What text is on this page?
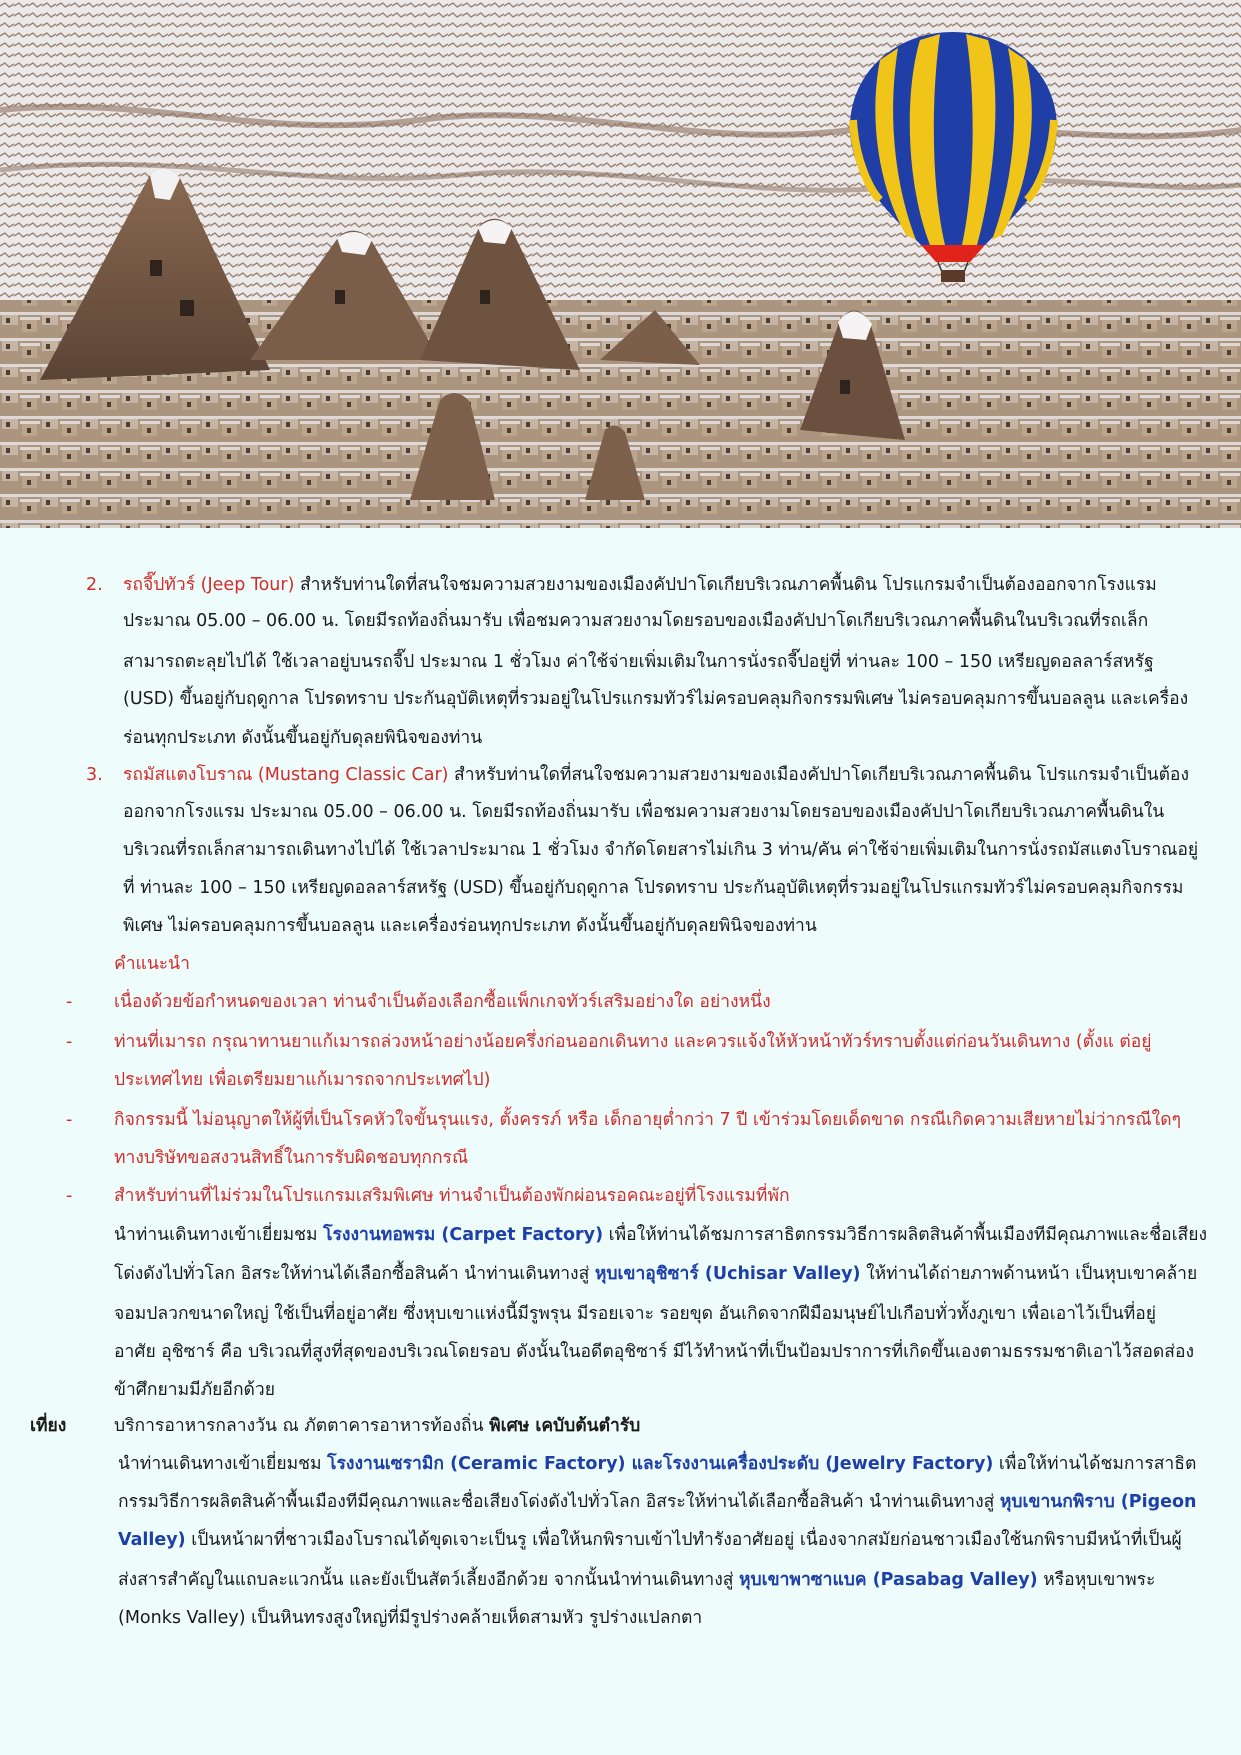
2. รถจี๊ปทัวร์ (Jeep Tour) สำหรับท่านใดที่สนใจชมความสวยงามของเมืองคัปปาโดเกียบริเวณภาคพื้นดิน โปรแกรมจำเป็นต้องออกจากโรงแรม
ประมาณ 05.00 – 06.00 น. โดยมีรถท้องถิ่นมารับ เพื่อชมความสวยงามโดยรอบของเมืองคัปปาโดเกียบริเวณภาคพื้นดินในบริเวณที่รถเล็ก
สามารถตะลุยไปได้ ใช้เวลาอยู่บนรถจี๊ป ประมาณ 1 ชั่วโมง ค่าใช้จ่ายเพิ่มเติมในการนั่งรถจี๊ปอยู่ที่ ท่านละ 100 – 150 เหรียญดอลลาร์สหรัฐ
(USD) ขึ้นอยู่กับฤดูกาล โปรดทราบ ประกันอุบัติเหตุที่รวมอยู่ในโปรแกรมทัวร์ไม่ครอบคลุมกิจกรรมพิเศษ ไม่ครอบคลุมการขึ้นบอลลูน และเครื่อง
ร่อนทุกประเภท ดังนั้นขึ้นอยู่กับดุลยพินิจของท่าน
3. รถมัสแตงโบราณ (Mustang Classic Car) สำหรับท่านใดที่สนใจชมความสวยงามของเมืองคัปปาโดเกียบริเวณภาคพื้นดิน โปรแกรมจำเป็นต้อง
ออกจากโรงแรม ประมาณ 05.00 – 06.00 น. โดยมีรถท้องถิ่นมารับ เพื่อชมความสวยงามโดยรอบของเมืองคัปปาโดเกียบริเวณภาคพื้นดินใน
บริเวณที่รถเล็กสามารถเดินทางไปได้ ใช้เวลาประมาณ 1 ชั่วโมง จำกัดโดยสารไม่เกิน 3 ท่าน/คัน ค่าใช้จ่ายเพิ่มเติมในการนั่งรถมัสแตงโบราณอยู่
ที่ ท่านละ 100 – 150 เหรียญดอลลาร์สหรัฐ (USD) ขึ้นอยู่กับฤดูกาล โปรดทราบ ประกันอุบัติเหตุที่รวมอยู่ในโปรแกรมทัวร์ไม่ครอบคลุมกิจกรรม
พิเศษ ไม่ครอบคลุมการขึ้นบอลลูน และเครื่องร่อนทุกประเภท ดังนั้นขึ้นอยู่กับดุลยพินิจของท่าน
คำแนะนำ
- เนื่องด้วยข้อกำหนดของเวลา ท่านจำเป็นต้องเลือกซื้อแพ็กเกจทัวร์เสริมอย่างใด อย่างหนึ่ง
- ท่านที่เมารถ กรุณาทานยาแก้เมารถล่วงหน้าอย่างน้อยครึ่งก่อนออกเดินทาง และควรแจ้งให้หัวหน้าทัวร์ทราบตั้งแต่ก่อนวันเดินทาง (ตั้งแ ต่อยู่
ประเทศไทย เพื่อเตรียมยาแก้เมารถจากประเทศไป)
- กิจกรรมนี้ ไม่อนุญาตให้ผู้ที่เป็นโรคหัวใจขั้นรุนแรง, ตั้งครรภ์ หรือ เด็กอายุต่ำกว่า 7 ปี เข้าร่วมโดยเด็ดขาด กรณีเกิดความเสียหายไม่ว่ากรณีใดๆ
ทางบริษัทขอสงวนสิทธิ์ในการรับผิดชอบทุกกรณี
- สำหรับท่านที่ไม่ร่วมในโปรแกรมเสริมพิเศษ ท่านจำเป็นต้องพักผ่อนรอคณะอยู่ที่โรงแรมที่พัก
นำท่านเดินทางเข้าเยี่ยมชม โรงงานทอพรม (Carpet Factory) เพื่อให้ท่านได้ชมการสาธิตกรรมวิธีการผลิตสินค้าพื้นเมืองทีมีคุณภาพและชื่อเสียง
โด่งดังไปทั่วโลก อิสระให้ท่านได้เลือกซื้อสินค้า นำท่านเดินทางสู่ หุบเขาอุชิซาร์ (Uchisar Valley) ให้ท่านได้ถ่ายภาพด้านหน้า เป็นหุบเขาคล้าย
จอมปลวกขนาดใหญ่ ใช้เป็นที่อยู่อาศัย ซึ่งหุบเขาแห่งนี้มีรูพรุน มีรอยเจาะ รอยขุด อันเกิดจากฝีมือมนุษย์ไปเกือบทั่วทั้งภูเขา เพื่อเอาไว้เป็นที่อยู่
อาศัย อุชิซาร์ คือ บริเวณที่สูงที่สุดของบริเวณโดยรอบ ดังนั้นในอดีตอุชิซาร์ มีไว้ทำหน้าที่เป็นป้อมปราการที่เกิดขึ้นเองตามธรรมชาติเอาไว้สอดส่อง
ข้าศึกยามมีภัยอีกด้วย
เที่ยง	บริการอาหารกลางวัน ณ ภัตตาคารอาหารท้องถิ่น พิเศษ เคบับต้นตำรับ
นำท่านเดินทางเข้าเยี่ยมชม โรงงานเซรามิก (Ceramic Factory) และโรงงานเครื่องประดับ (Jewelry Factory) เพื่อให้ท่านได้ชมการสาธิต
กรรมวิธีการผลิตสินค้าพื้นเมืองทีมีคุณภาพและชื่อเสียงโด่งดังไปทั่วโลก อิสระให้ท่านได้เลือกซื้อสินค้า นำท่านเดินทางสู่ หุบเขานกพิราบ (Pigeon
Valley) เป็นหน้าผาที่ชาวเมืองโบราณได้ขุดเจาะเป็นรู เพื่อให้นกพิราบเข้าไปทำรังอาศัยอยู่ เนื่องจากสมัยก่อนชาวเมืองใช้นกพิราบมีหน้าที่เป็นผู้
ส่งสารสำคัญในแถบละแวกนั้น และยังเป็นสัตว์เลี้ยงอีกด้วย จากนั้นนำท่านเดินทางสู่ หุบเขาพาซาแบค (Pasabag Valley) หรือหุบเขาพระ
(Monks Valley) เป็นหินทรงสูงใหญ่ที่มีรูปร่างคล้ายเห็ดสามหัว รูปร่างแปลกตา
